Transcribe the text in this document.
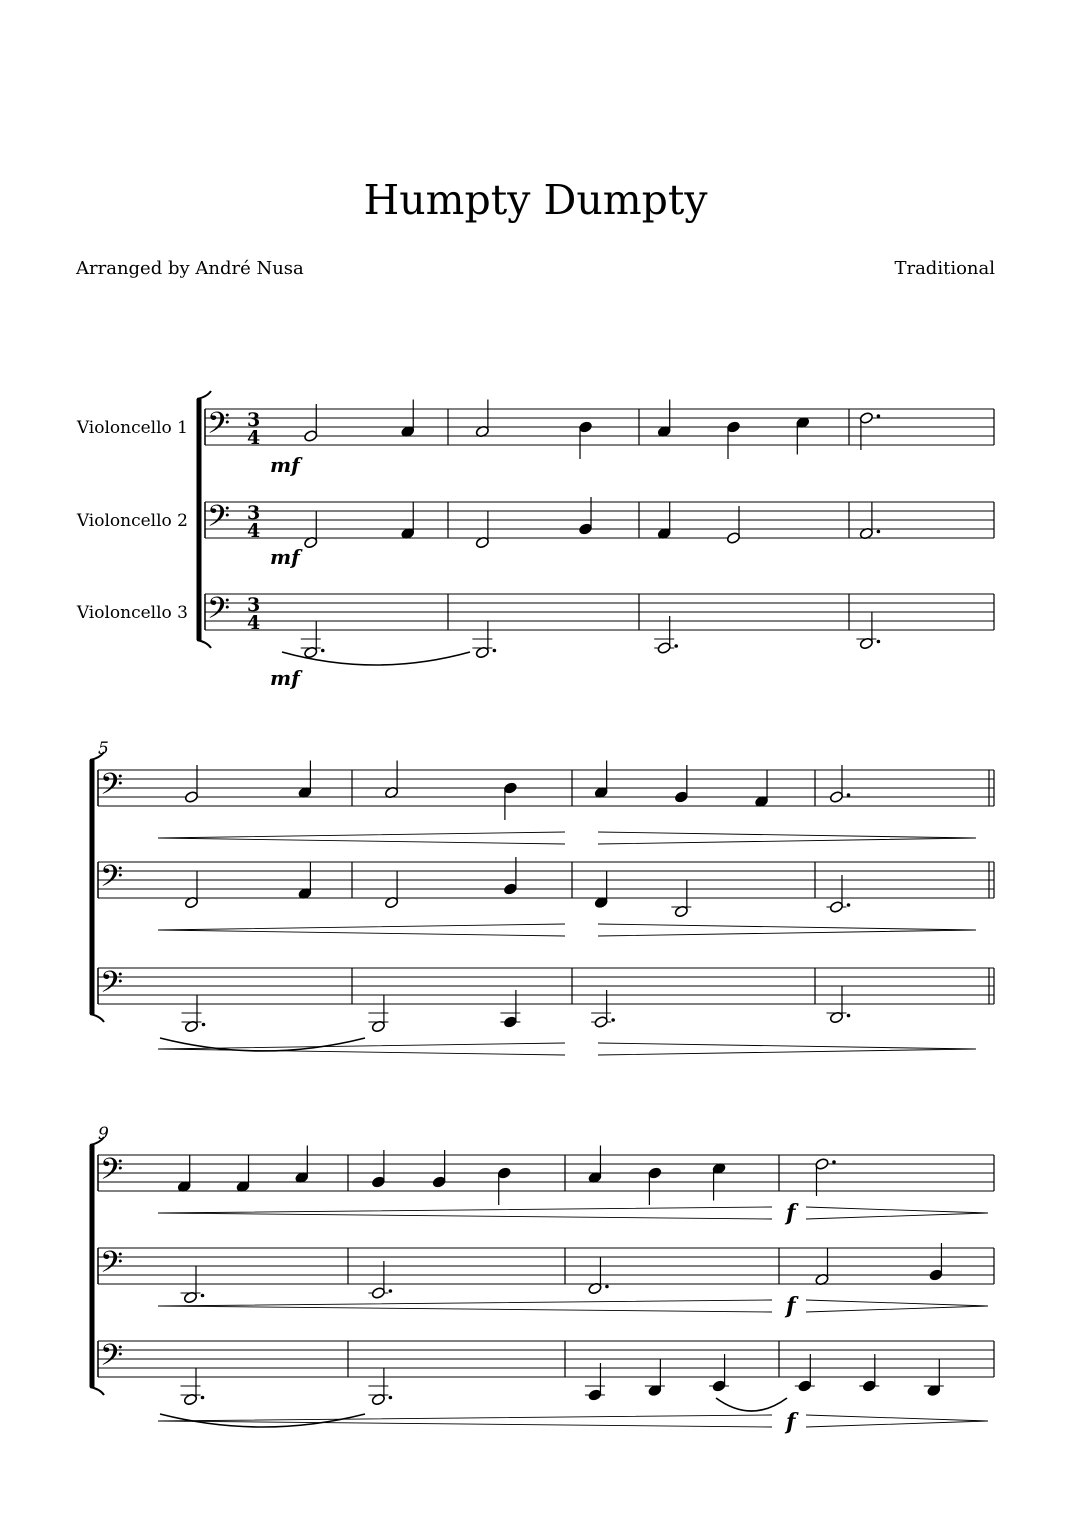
Humpty Dumpty
Arranged by André Nusa	Traditional
𝄢
Violoncello 1	3
4
𝄢
Violoncello 2	3
4
𝄢
Violoncello 3	3
4
5
𝄢
𝄢
𝄢
9
𝄢
𝄢
𝄢
mf
mf
mf
f
f
f
